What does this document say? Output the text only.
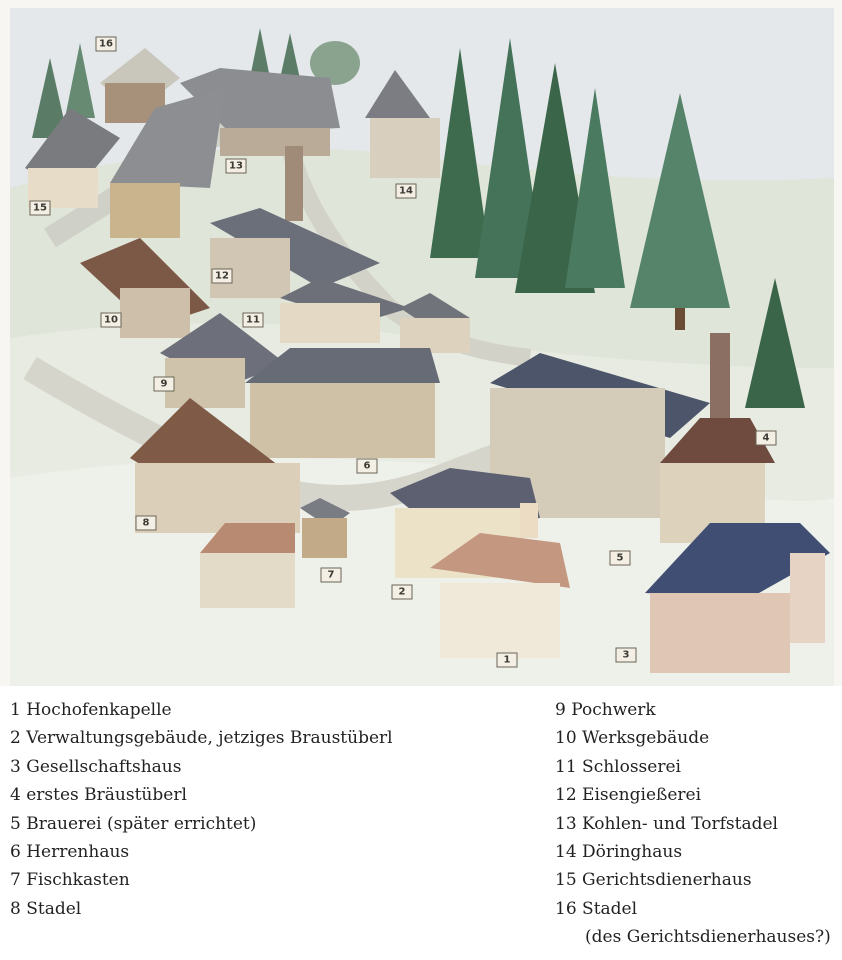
16
15
13
14
12
10	11
9
6
4
8
5
7
2
3
1
1 Hochofenkapelle
2 Verwaltungsgebäude, jetziges Braustüberl
3 Gesellschaftshaus
4 erstes Bräustüberl
5 Brauerei (später errichtet)
6 Herrenhaus
7 Fischkasten
8 Stadel
9 Pochwerk
10 Werksgebäude
11 Schlosserei
12 Eisengießerei
13 Kohlen- und Torfstadel
14 Döringhaus
15 Gerichtsdienerhaus
16 Stadel
(des Gerichtsdienerhauses?)
